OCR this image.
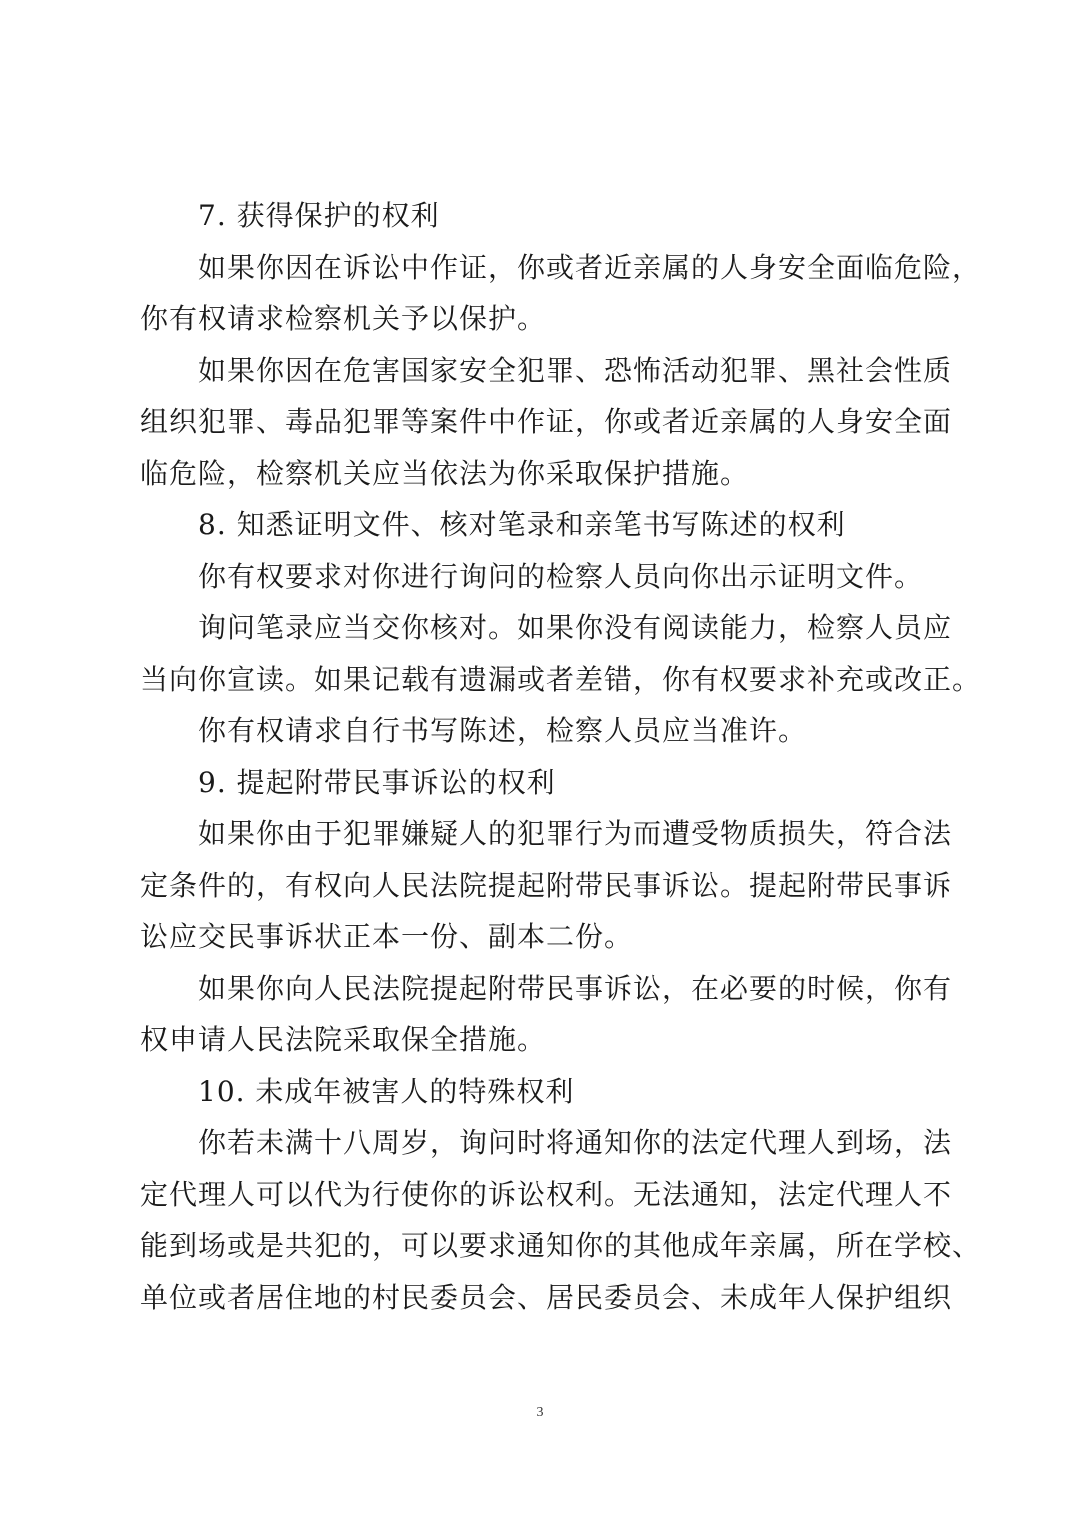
7. 获得保护的权利
如果你因在诉讼中作证，你或者近亲属的人身安全面临危险，
你有权请求检察机关予以保护。
如果你因在危害国家安全犯罪、恐怖活动犯罪、黑社会性质
组织犯罪、毒品犯罪等案件中作证，你或者近亲属的人身安全面
临危险，检察机关应当依法为你采取保护措施。
8. 知悉证明文件、核对笔录和亲笔书写陈述的权利
你有权要求对你进行询问的检察人员向你出示证明文件。
询问笔录应当交你核对。如果你没有阅读能力，检察人员应
当向你宣读。如果记载有遗漏或者差错，你有权要求补充或改正。
你有权请求自行书写陈述，检察人员应当准许。
9. 提起附带民事诉讼的权利
如果你由于犯罪嫌疑人的犯罪行为而遭受物质损失，符合法
定条件的，有权向人民法院提起附带民事诉讼。提起附带民事诉
讼应交民事诉状正本一份、副本二份。
如果你向人民法院提起附带民事诉讼，在必要的时候，你有
权申请人民法院采取保全措施。
10. 未成年被害人的特殊权利
你若未满十八周岁，询问时将通知你的法定代理人到场，法
定代理人可以代为行使你的诉讼权利。无法通知，法定代理人不
能到场或是共犯的，可以要求通知你的其他成年亲属，所在学校、
单位或者居住地的村民委员会、居民委员会、未成年人保护组织
3
